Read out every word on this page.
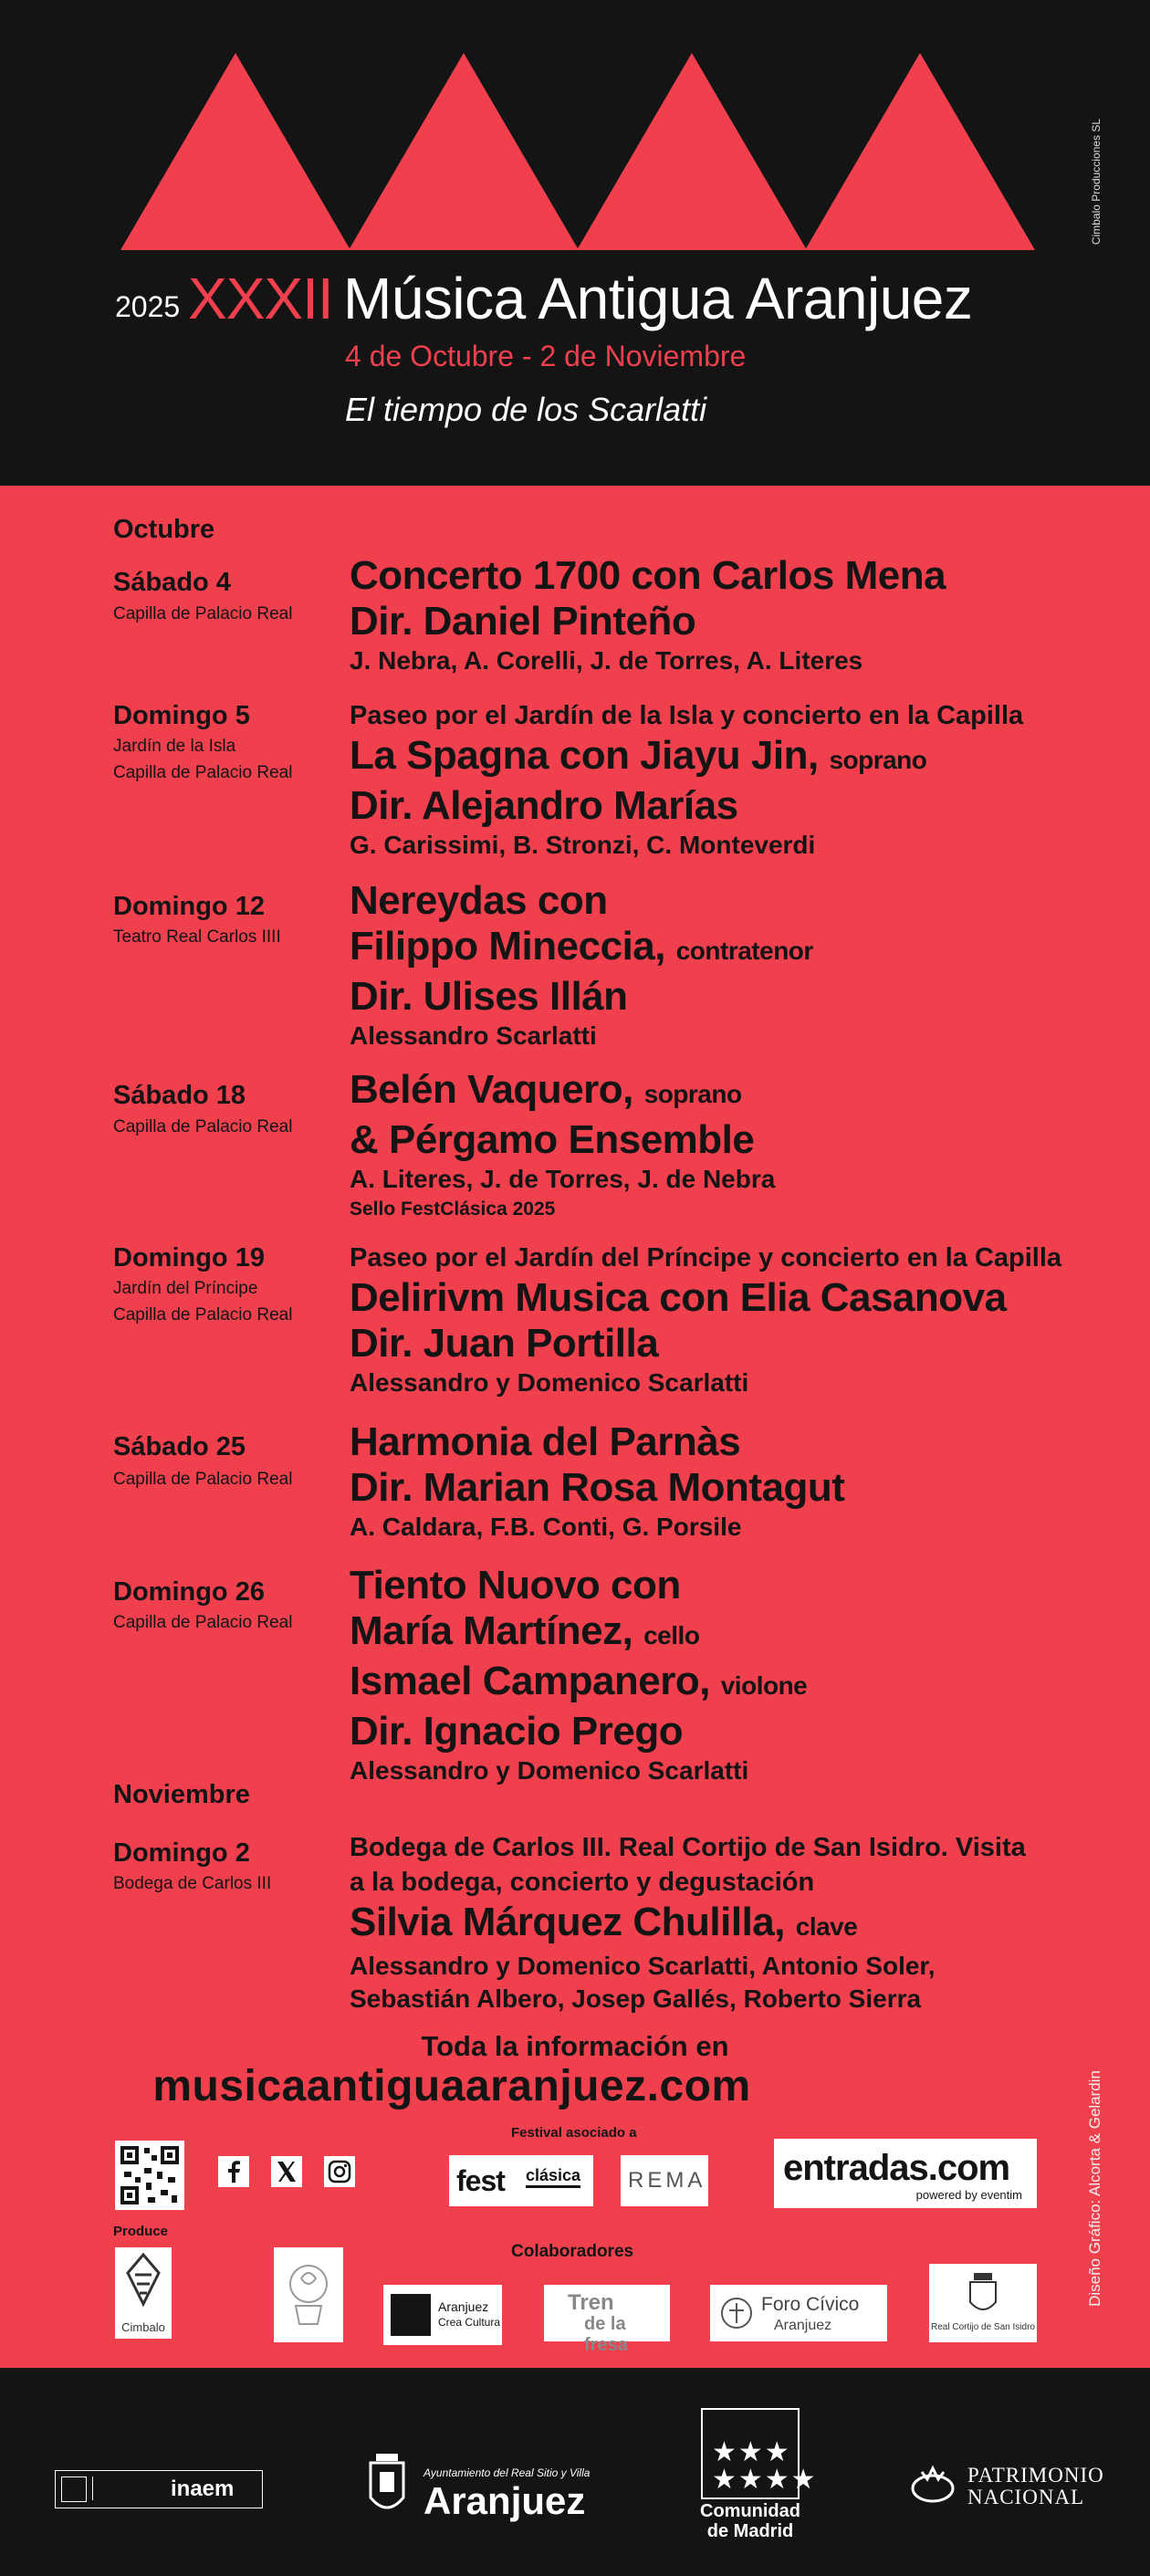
Cimbalo Producciones SL
2025 XXXII Música Antigua Aranjuez
4 de Octubre - 2 de Noviembre
El tiempo de los Scarlatti
Octubre
Sábado 4
Capilla de Palacio Real
Concerto 1700 con Carlos Mena
Dir. Daniel Pinteño
J. Nebra, A. Corelli, J. de Torres, A. Literes
Domingo 5
Jardín de la Isla
Capilla de Palacio Real
Paseo por el Jardín de la Isla y concierto en la Capilla
La Spagna con Jiayu Jin, soprano
Dir. Alejandro Marías
G. Carissimi, B. Stronzi, C. Monteverdi
Domingo 12
Teatro Real Carlos IIII
Nereydas con
Filippo Mineccia, contratenor
Dir. Ulises Illán
Alessandro Scarlatti
Sábado 18
Capilla de Palacio Real
Belén Vaquero, soprano
& Pérgamo Ensemble
A. Literes, J. de Torres, J. de Nebra
Sello FestClásica 2025
Domingo 19
Jardín del Príncipe
Capilla de Palacio Real
Paseo por el Jardín del Príncipe y concierto en la Capilla
Delirivm Musica con Elia Casanova
Dir. Juan Portilla
Alessandro y Domenico Scarlatti
Sábado 25
Capilla de Palacio Real
Harmonia del Parnàs
Dir. Marian Rosa Montagut
A. Caldara, F.B. Conti, G. Porsile
Domingo 26
Capilla de Palacio Real
Tiento Nuovo con
María Martínez, cello
Ismael Campanero, violone
Dir. Ignacio Prego
Alessandro y Domenico Scarlatti
Noviembre
Domingo 2
Bodega de Carlos III
Bodega de Carlos III. Real Cortijo de San Isidro. Visita
a la bodega, concierto y degustación
Silvia Márquez Chulilla, clave
Alessandro y Domenico Scarlatti, Antonio Soler,
Sebastián Albero, Josep Gallés, Roberto Sierra
Toda la información en
musicaantiguaaranjuez.com
Festival asociado a
fest clásica REMA entradas.com
powered by eventim
Produce
Cimbalo
Colaboradores
Aranjuez
Crea Cultura
Tren
de la fresa
Foro Cívico
Aranjuez	Real Cortijo de San Isidro
Diseño Gráfico: Alcorta & Gelardin
inaem
Ayuntamiento del Real Sitio y Villa
Aranjuez
★★★
★★★★
Comunidad
de Madrid
PATRIMONIO
NACIONAL
